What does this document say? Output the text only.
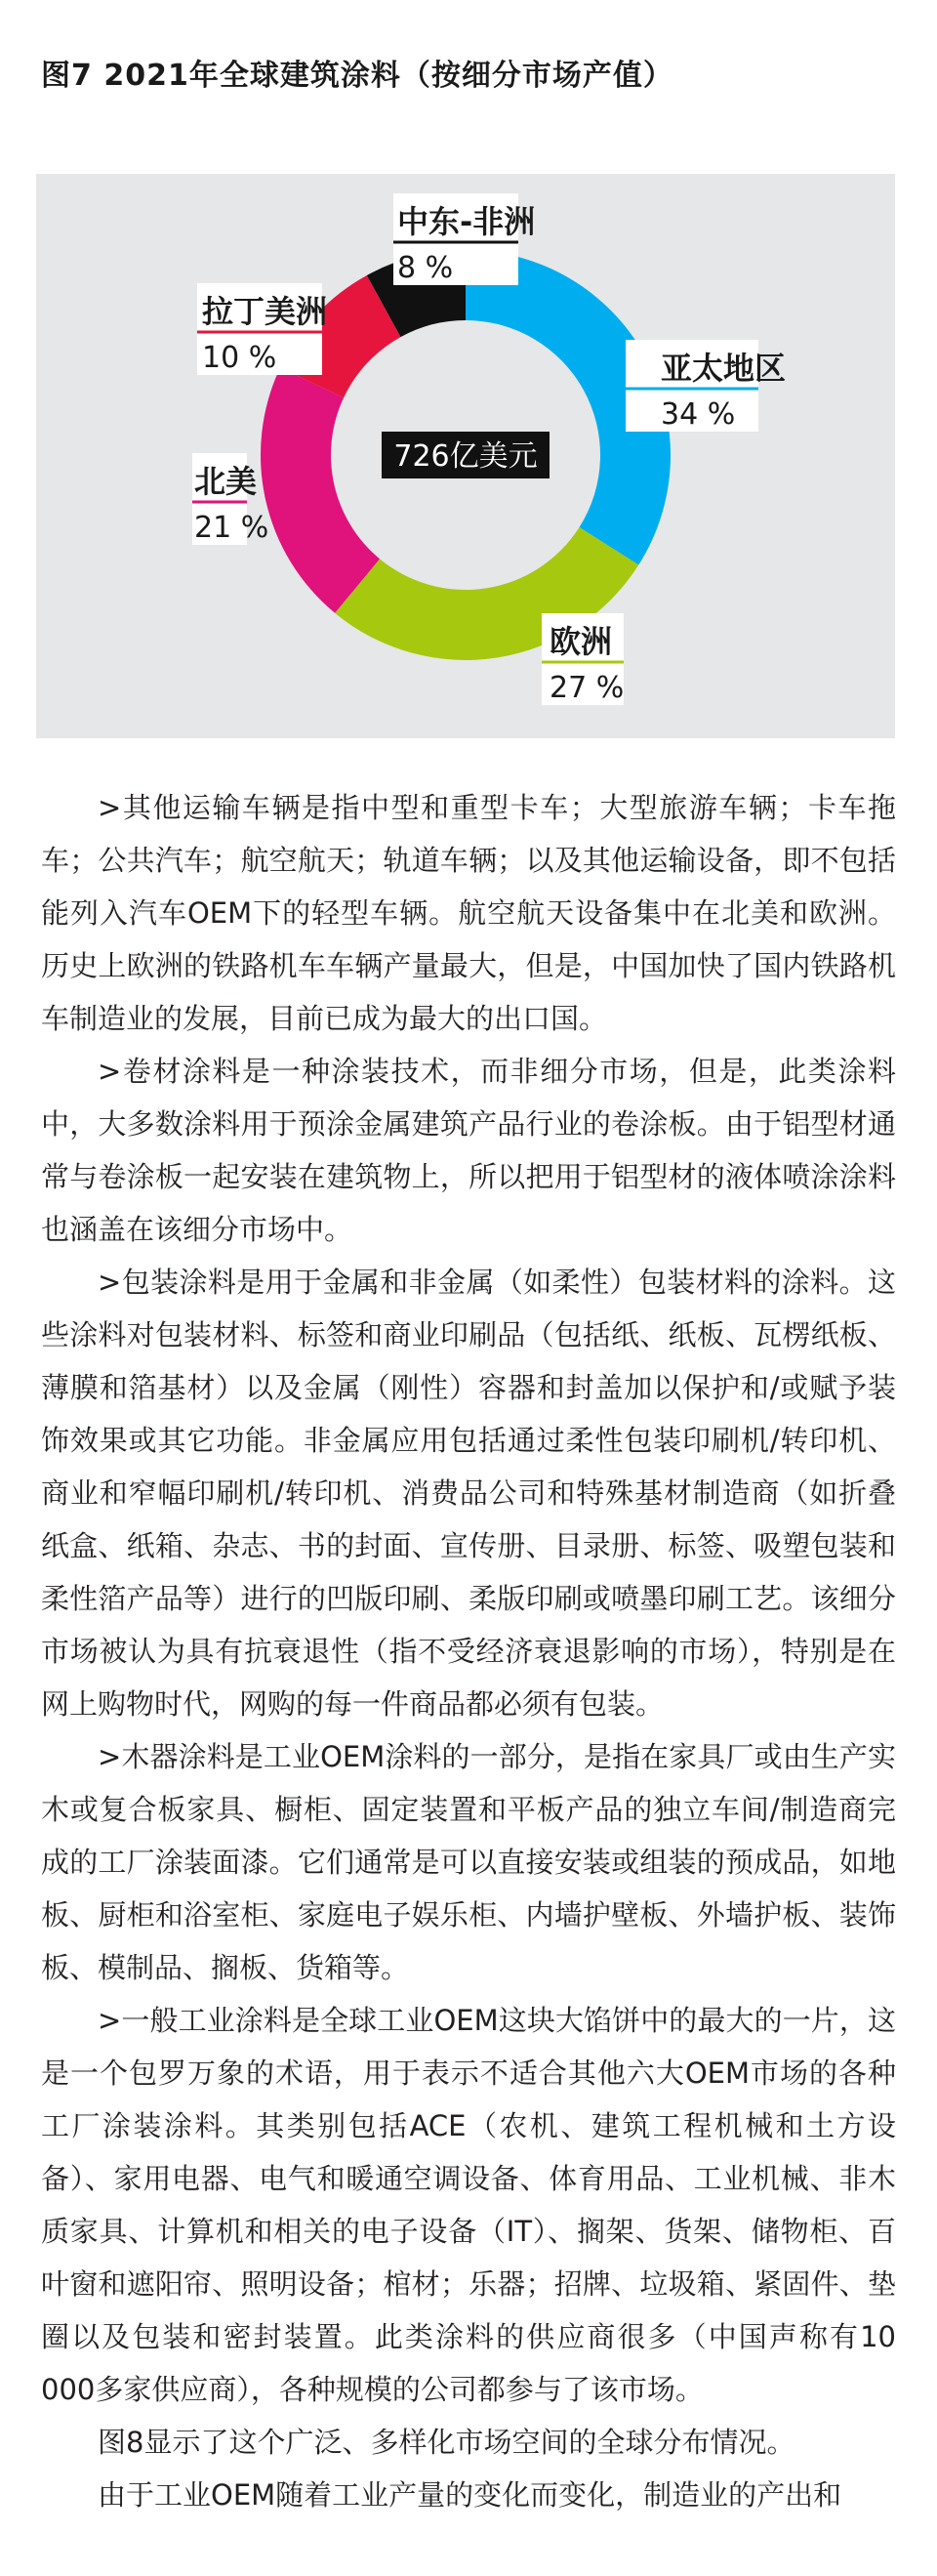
图7 2021年全球建筑涂料（按细分市场产值）
亚太地区
34 %
欧洲
27 %
北美
21 %
拉丁美洲
10 %
中东-非洲
8 %
726亿美元

>其他运输车辆是指中型和重型卡车；大型旅游车辆；卡车拖车；公共汽车；航空航天；轨道车辆；以及其他运输设备，即不包括能列入汽车OEM下的轻型车辆。航空航天设备集中在北美和欧洲。历史上欧洲的铁路机车车辆产量最大，但是，中国加快了国内铁路机车制造业的发展，目前已成为最大的出口国。

>卷材涂料是一种涂装技术，而非细分市场，但是，此类涂料中，大多数涂料用于预涂金属建筑产品行业的卷涂板。由于铝型材通常与卷涂板一起安装在建筑物上，所以把用于铝型材的液体喷涂涂料也涵盖在该细分市场中。

>包装涂料是用于金属和非金属（如柔性）包装材料的涂料。这些涂料对包装材料、标签和商业印刷品（包括纸、纸板、瓦楞纸板、薄膜和箔基材）以及金属（刚性）容器和封盖加以保护和/或赋予装饰效果或其它功能。非金属应用包括通过柔性包装印刷机/转印机、商业和窄幅印刷机/转印机、消费品公司和特殊基材制造商（如折叠纸盒、纸箱、杂志、书的封面、宣传册、目录册、标签、吸塑包装和柔性箔产品等）进行的凹版印刷、柔版印刷或喷墨印刷工艺。该细分市场被认为具有抗衰退性（指不受经济衰退影响的市场），特别是在网上购物时代，网购的每一件商品都必须有包装。

>木器涂料是工业OEM涂料的一部分，是指在家具厂或由生产实木或复合板家具、橱柜、固定装置和平板产品的独立车间/制造商完成的工厂涂装面漆。它们通常是可以直接安装或组装的预成品，如地板、厨柜和浴室柜、家庭电子娱乐柜、内墙护壁板、外墙护板、装饰板、模制品、搁板、货箱等。

>一般工业涂料是全球工业OEM这块大馅饼中的最大的一片，这是一个包罗万象的术语，用于表示不适合其他六大OEM市场的各种工厂涂装涂料。其类别包括ACE（农机、建筑工程机械和土方设备）、家用电器、电气和暖通空调设备、体育用品、工业机械、非木质家具、计算机和相关的电子设备（IT）、搁架、货架、储物柜、百叶窗和遮阳帘、照明设备；棺材；乐器；招牌、垃圾箱、紧固件、垫圈以及包装和密封装置。此类涂料的供应商很多（中国声称有10 000多家供应商），各种规模的公司都参与了该市场。

图8显示了这个广泛、多样化市场空间的全球分布情况。

由于工业OEM随着工业产量的变化而变化，制造业的产出和
